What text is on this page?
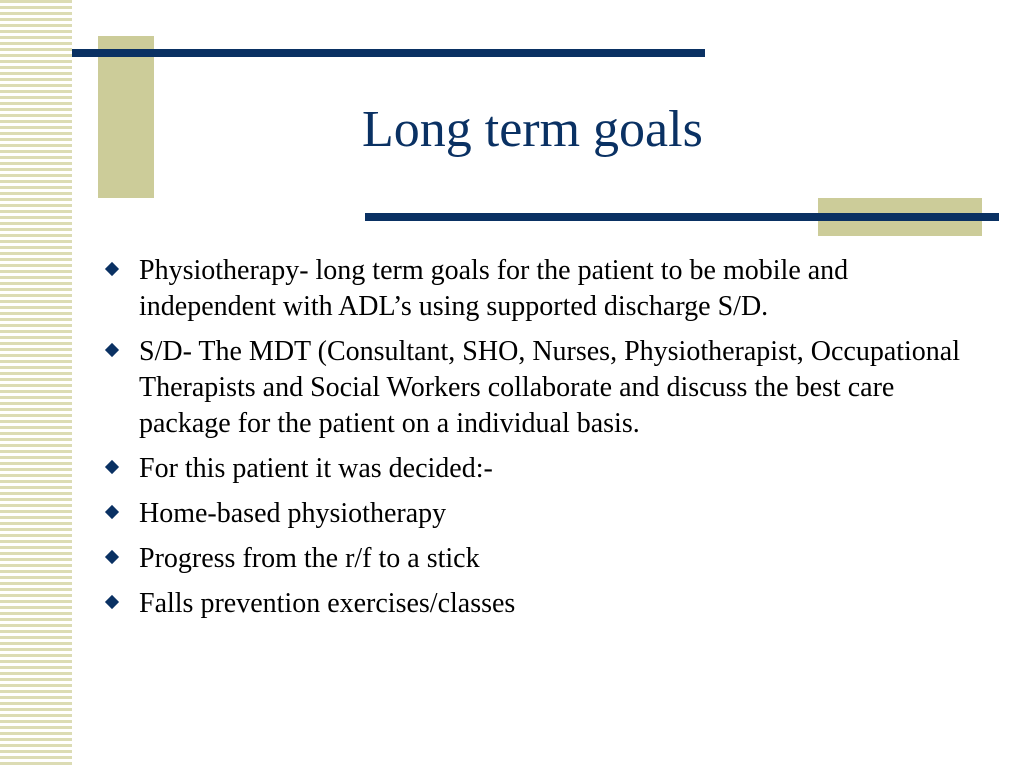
Long term goals
Physiotherapy- long term goals for the patient to be mobile and independent with ADL’s using supported discharge S/D.
S/D- The MDT (Consultant, SHO, Nurses, Physiotherapist, Occupational Therapists and Social Workers collaborate and discuss the best care package for the patient on a individual basis.
For this patient it was decided:-
Home-based physiotherapy
Progress from the r/f to a stick
Falls prevention exercises/classes
